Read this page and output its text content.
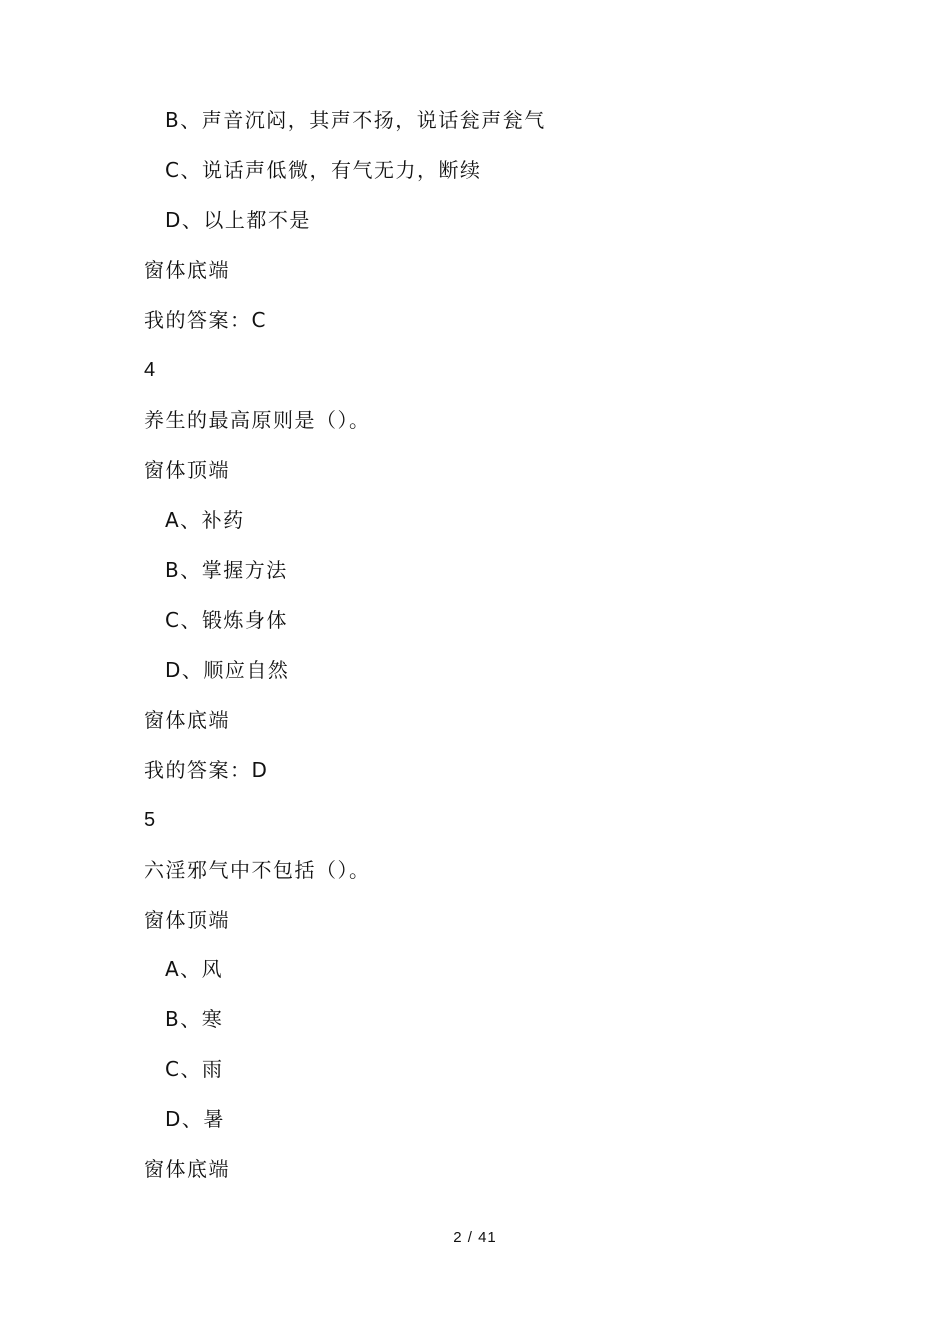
B、声音沉闷，其声不扬，说话瓮声瓮气
C、说话声低微，有气无力，断续
D、以上都不是
窗体底端
我的答案：C
4
养生的最高原则是（）。
窗体顶端
A、补药
B、掌握方法
C、锻炼身体
D、顺应自然
窗体底端
我的答案：D
5
六淫邪气中不包括（）。
窗体顶端
A、风
B、寒
C、雨
D、暑
窗体底端
2 / 41
